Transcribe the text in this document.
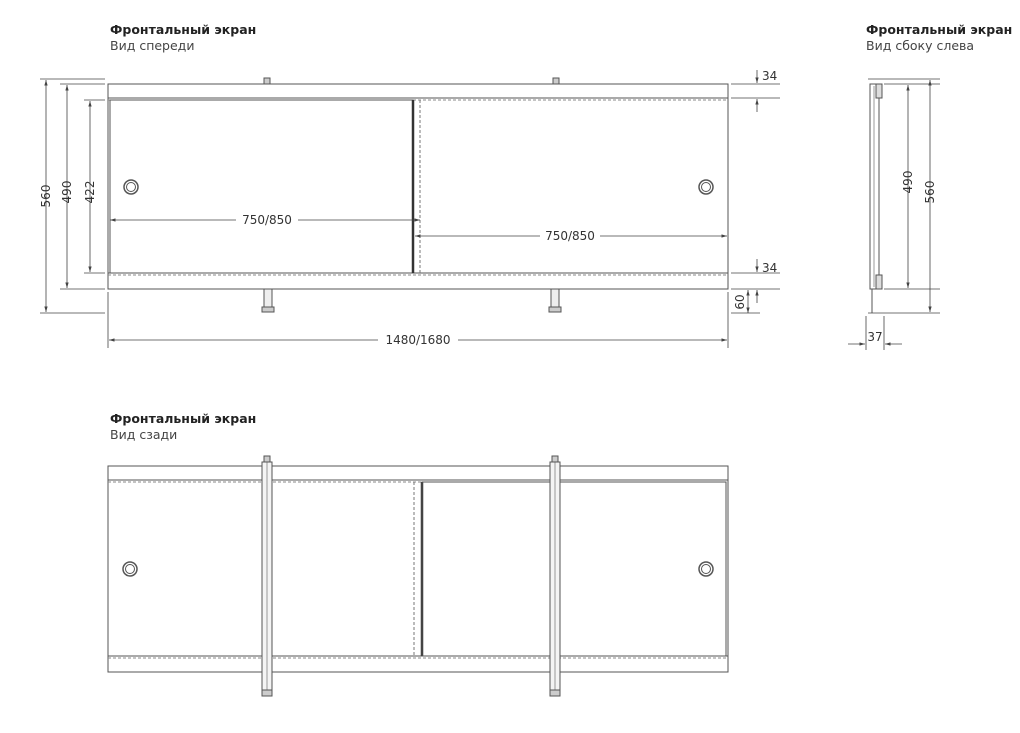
Фронтальный экран
Вид спереди
Фронтальный экран
Вид сбоку слева
Фронтальный экран
Вид сзади
560 490 422
750/850
750/850
34
34
60
1480/1680
490 560
37
